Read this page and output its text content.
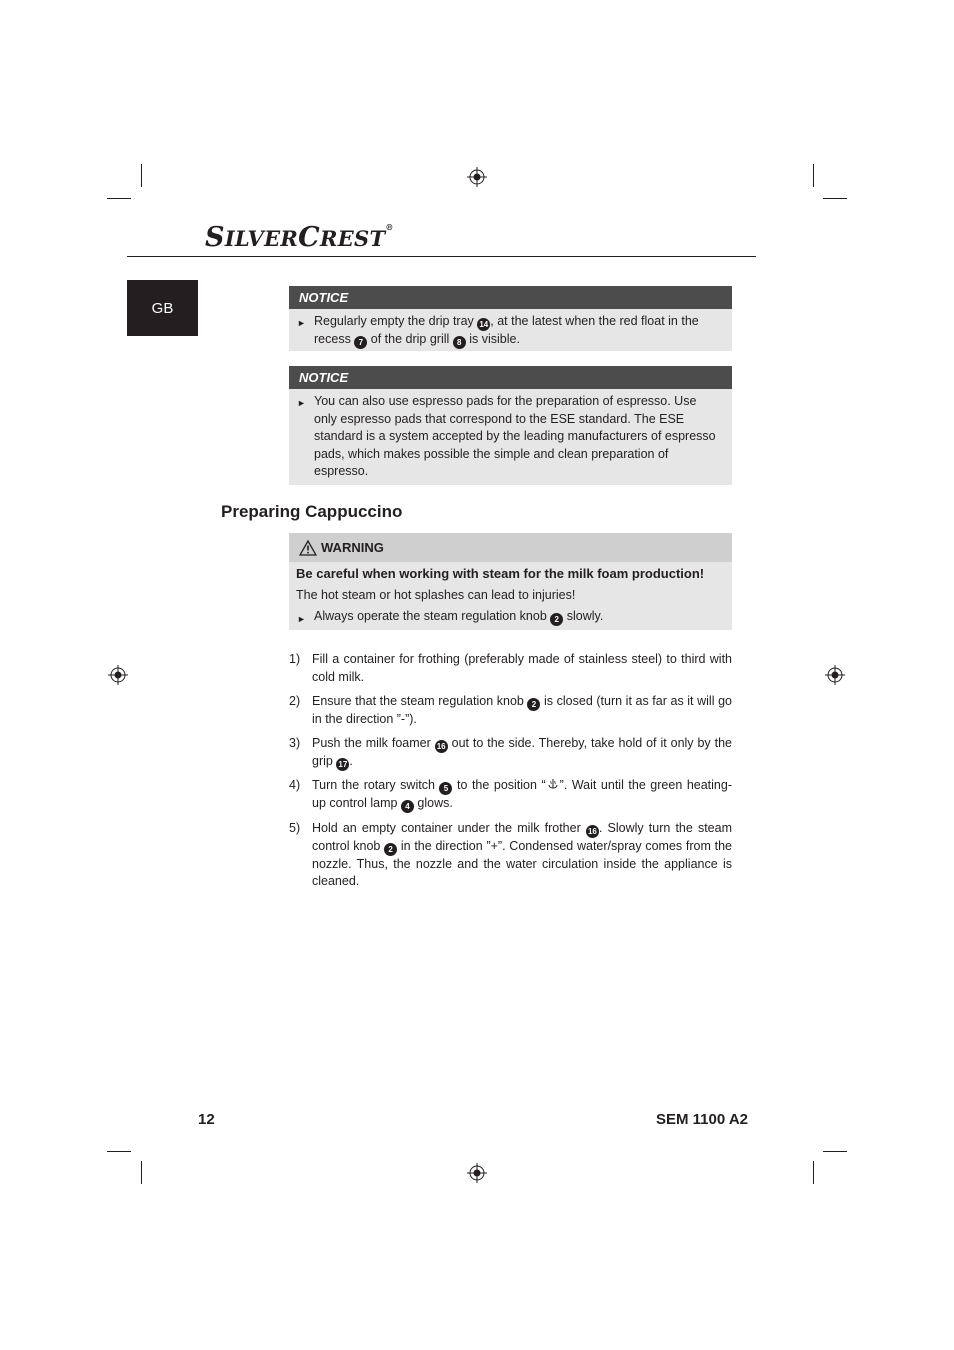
SILVERCREST®
GB
NOTICE
► Regularly empty the drip tray 14 , at the latest when the red float in the recess 7 of the drip grill 8 is visible.
NOTICE
► You can also use espresso pads for the preparation of espresso. Use only espresso pads that correspond to the ESE standard. The ESE standard is a system accepted by the leading manufacturers of espresso pads, which makes possible the simple and clean preparation of espresso.
Preparing Cappuccino
WARNING
Be careful when working with steam for the milk foam production!
The hot steam or hot splashes can lead to injuries!
► Always operate the steam regulation knob 2 slowly.
1) Fill a container for frothing (preferably made of stainless steel) to third with cold milk.
2) Ensure that the steam regulation knob 2 is closed (turn it as far as it will go in the direction ”-”).
3) Push the milk foamer 16 out to the side. Thereby, take hold of it only by the grip 17 .
4) Turn the rotary switch 5 to the position “ ”. Wait until the green heating-up control lamp 4 glows.
5) Hold an empty container under the milk frother 16 . Slowly turn the steam control knob 2 in the direction ”+”. Condensed water/spray comes from the nozzle. Thus, the nozzle and the water circulation inside the appliance is cleaned.
12	SEM 1100 A2
